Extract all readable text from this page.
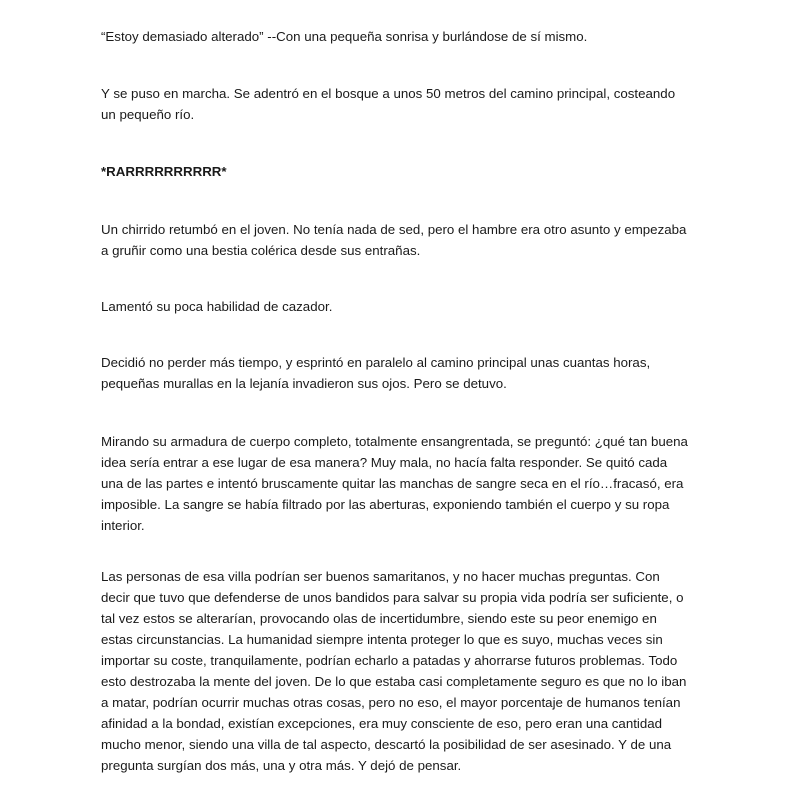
“Estoy demasiado alterado” --Con una pequeña sonrisa y burlándose de sí mismo.

Y se puso en marcha. Se adentró en el bosque a unos 50 metros del camino principal, costeando un pequeño río.

*RARRRRRRRRRR*

Un chirrido retumbó en el joven. No tenía nada de sed, pero el hambre era otro asunto y empezaba a gruñir como una bestia colérica desde sus entrañas.

Lamentó su poca habilidad de cazador.

Decidió no perder más tiempo, y esprintó en paralelo al camino principal unas cuantas horas, pequeñas murallas en la lejanía invadieron sus ojos. Pero se detuvo.

Mirando su armadura de cuerpo completo, totalmente ensangrentada, se preguntó: ¿qué tan buena idea sería entrar a ese lugar de esa manera? Muy mala, no hacía falta responder. Se quitó cada una de las partes e intentó bruscamente quitar las manchas de sangre seca en el río…fracasó, era imposible. La sangre se había filtrado por las aberturas, exponiendo también el cuerpo y su ropa interior.

Las personas de esa villa podrían ser buenos samaritanos, y no hacer muchas preguntas. Con decir que tuvo que defenderse de unos bandidos para salvar su propia vida podría ser suficiente, o tal vez estos se alterarían, provocando olas de incertidumbre, siendo este su peor enemigo en estas circunstancias. La humanidad siempre intenta proteger lo que es suyo, muchas veces sin importar su coste, tranquilamente, podrían echarlo a patadas y ahorrarse futuros problemas. Todo esto destrozaba la mente del joven. De lo que estaba casi completamente seguro es que no lo iban a matar, podrían ocurrir muchas otras cosas, pero no eso, el mayor porcentaje de humanos tenían afinidad a la bondad, existían excepciones, era muy consciente de eso, pero eran una cantidad mucho menor, siendo una villa de tal aspecto, descartó la posibilidad de ser asesinado. Y de una pregunta surgían dos más, una y otra más. Y dejó de pensar.
